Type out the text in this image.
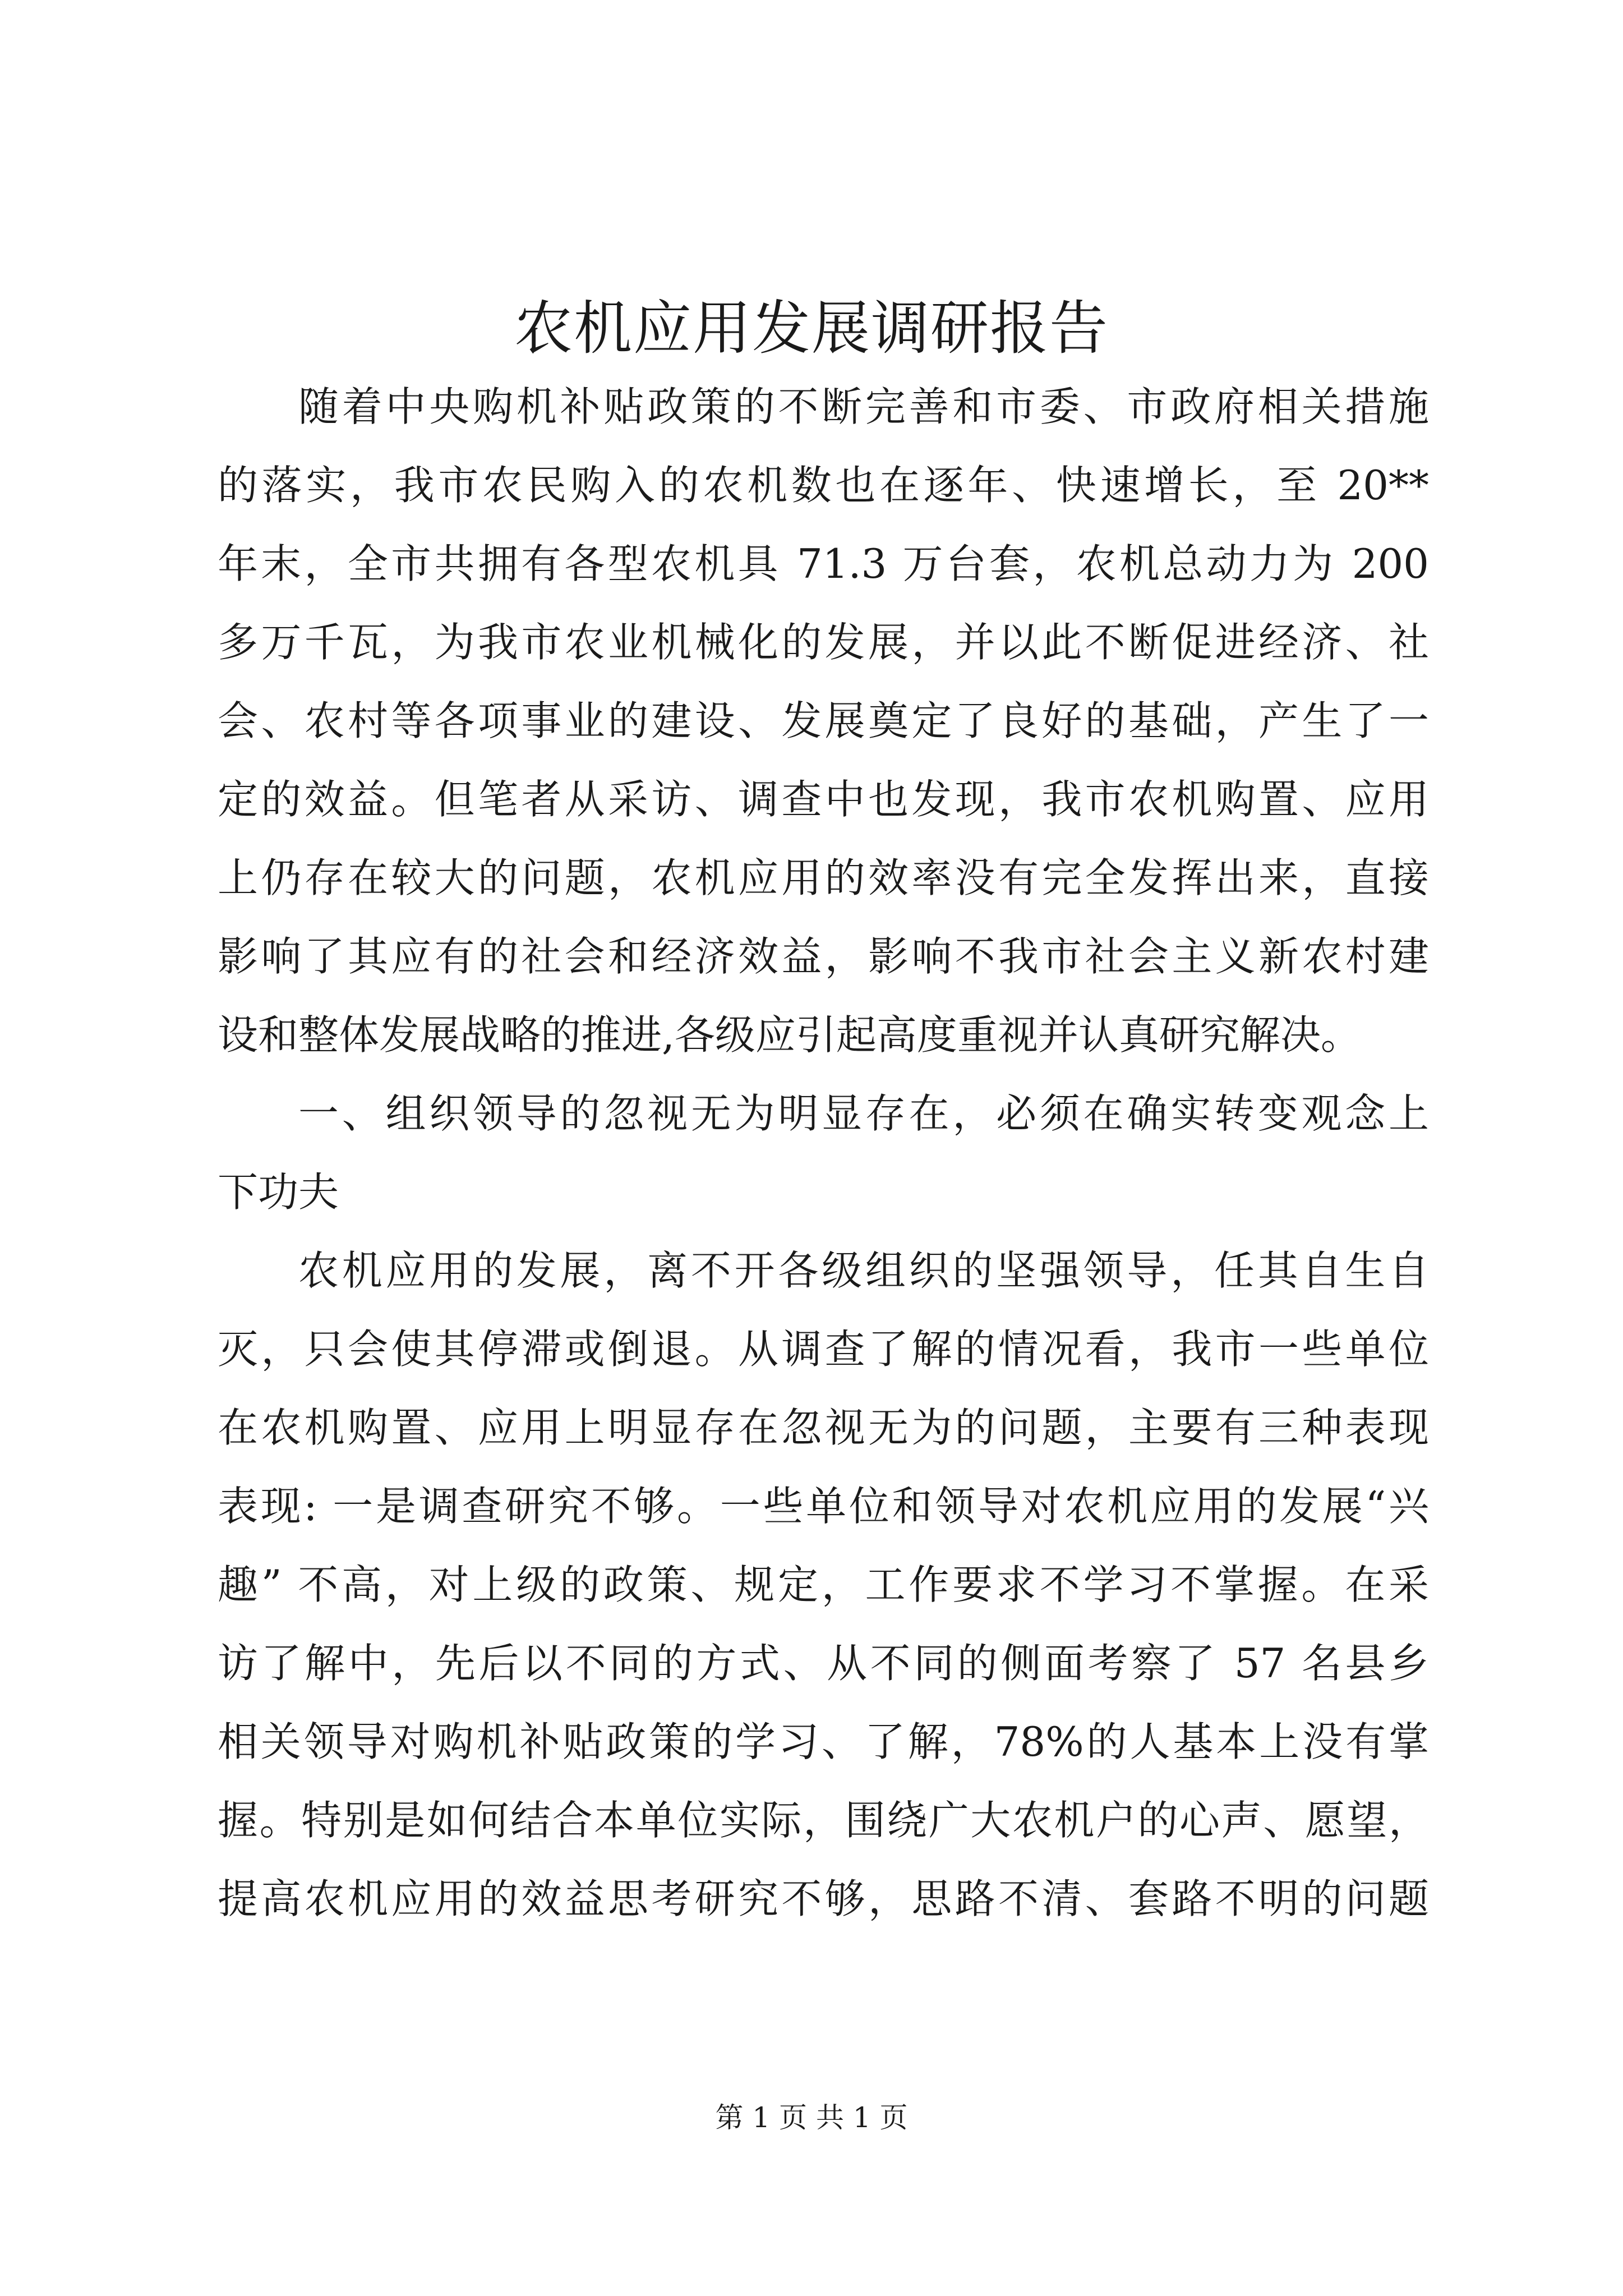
农机应用发展调研报告
随着中央购机补贴政策的不断完善和市委、市政府相关措施
的落实，我市农民购入的农机数也在逐年、快速增长，至 20**
年末，全市共拥有各型农机具 71.3 万台套，农机总动力为 200
多万千瓦，为我市农业机械化的发展，并以此不断促进经济、社
会、农村等各项事业的建设、发展奠定了良好的基础，产生了一
定的效益。但笔者从采访、调查中也发现，我市农机购置、应用
上仍存在较大的问题，农机应用的效率没有完全发挥出来，直接
影响了其应有的社会和经济效益，影响不我市社会主义新农村建
设和整体发展战略的推进,各级应引起高度重视并认真研究解决。
一、组织领导的忽视无为明显存在，必须在确实转变观念上
下功夫
农机应用的发展，离不开各级组织的坚强领导，任其自生自
灭，只会使其停滞或倒退。从调查了解的情况看，我市一些单位
在农机购置、应用上明显存在忽视无为的问题，主要有三种表现
表现: 一是调查研究不够。一些单位和领导对农机应用的发展“兴
趣” 不高，对上级的政策、规定，工作要求不学习不掌握。在采
访了解中，先后以不同的方式、从不同的侧面考察了 57 名县乡
相关领导对购机补贴政策的学习、了解，78%的人基本上没有掌
握。特别是如何结合本单位实际，围绕广大农机户的心声、愿望，
提高农机应用的效益思考研究不够，思路不清、套路不明的问题
第 1 页 共 1 页
